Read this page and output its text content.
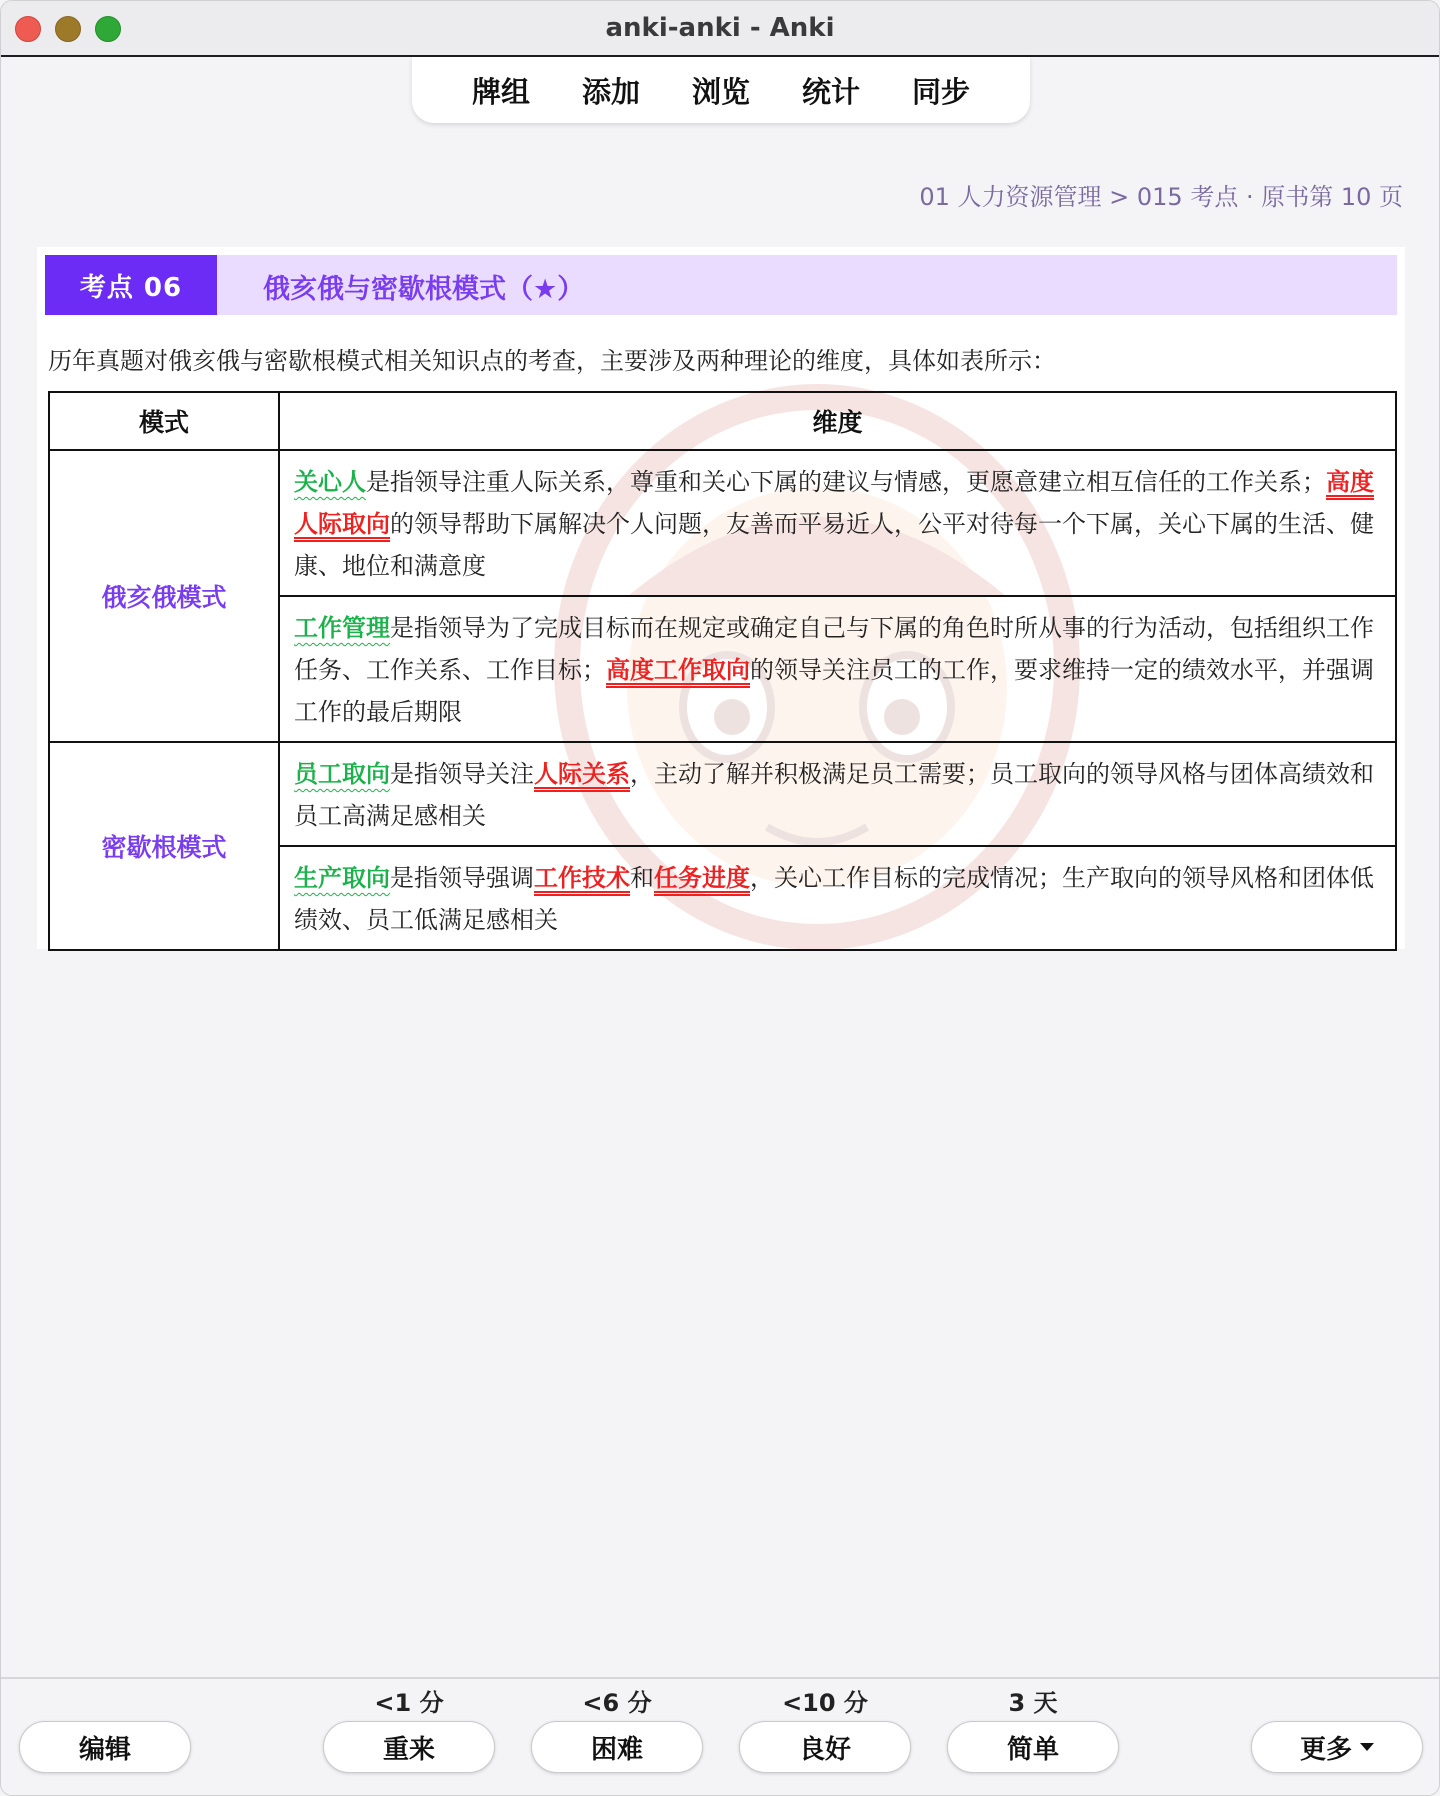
anki-anki - Anki
牌组 添加 浏览 统计 同步
01 人力资源管理 > 015 考点 · 原书第 10 页
考点 06	俄亥俄与密歇根模式（★）
历年真题对俄亥俄与密歇根模式相关知识点的考查，主要涉及两种理论的维度，具体如表所示：
模式	维度
俄亥俄模式	关心人是指领导注重人际关系，尊重和关心下属的建议与情感，更愿意建立相互信任的工作关系；高度人际取向的领导帮助下属解决个人问题，友善而平易近人，公平对待每一个下属，关心下属的生活、健康、地位和满意度
	工作管理是指领导为了完成目标而在规定或确定自己与下属的角色时所从事的行为活动，包括组织工作任务、工作关系、工作目标；高度工作取向的领导关注员工的工作，要求维持一定的绩效水平，并强调工作的最后期限
密歇根模式	员工取向是指领导关注人际关系，主动了解并积极满足员工需要；员工取向的领导风格与团体高绩效和员工高满足感相关
	生产取向是指领导强调工作技术和任务进度，关心工作目标的完成情况；生产取向的领导风格和团体低绩效、员工低满足感相关
编辑
<1 分
重来
<6 分
困难
<10 分
良好
3 天
简单	更多
